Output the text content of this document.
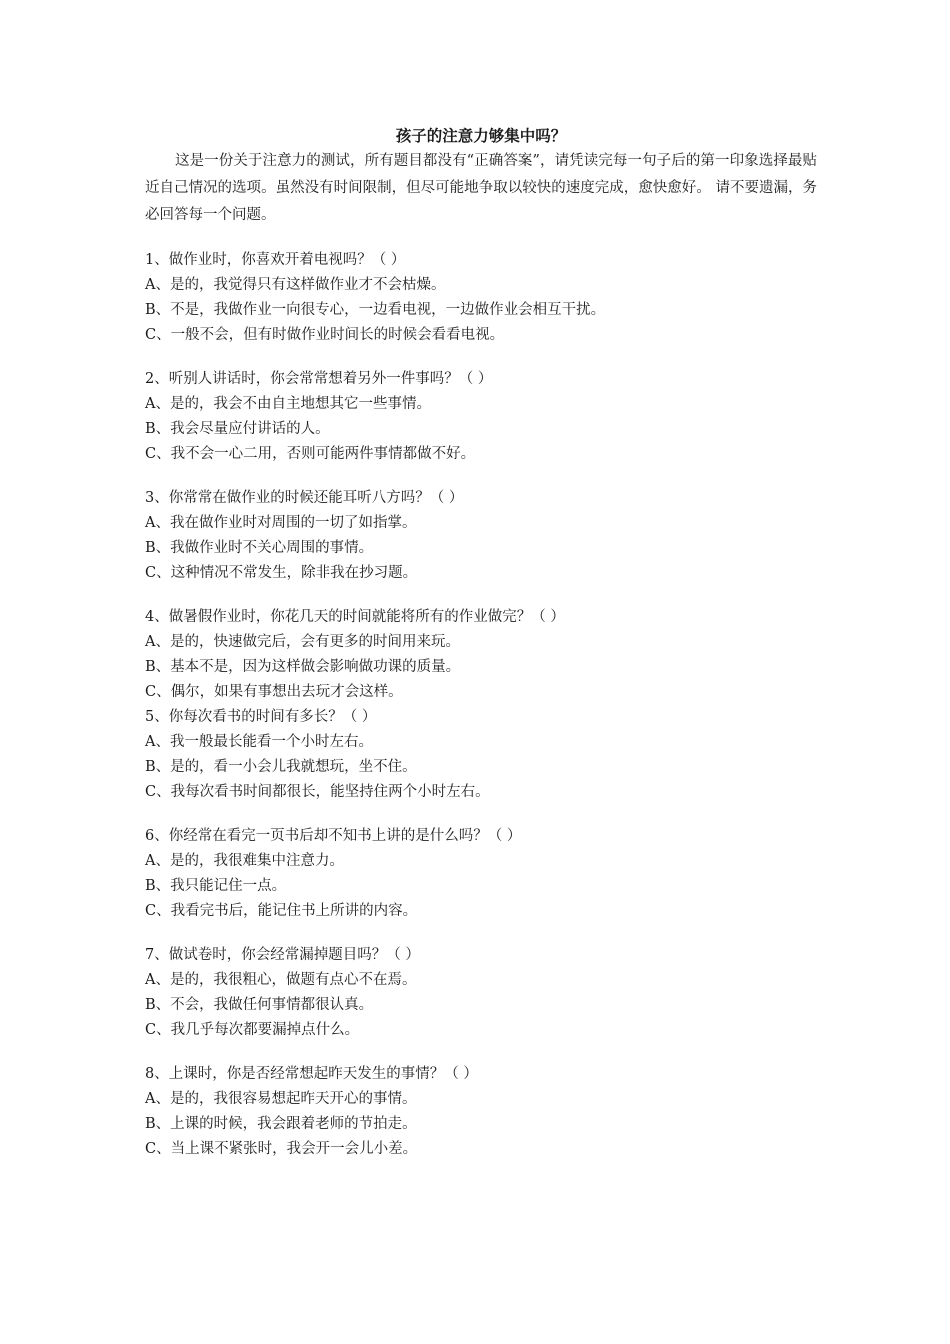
孩子的注意力够集中吗？

这是一份关于注意力的测试，所有题目都没有“正确答案”，请凭读完每一句子后的第一印象选择最贴近自己情况的选项。虽然没有时间限制，但尽可能地争取以较快的速度完成，愈快愈好。 请不要遗漏，务必回答每一个问题。

1、做作业时，你喜欢开着电视吗？（ ）
A、是的，我觉得只有这样做作业才不会枯燥。
B、不是，我做作业一向很专心，一边看电视，一边做作业会相互干扰。
C、一般不会，但有时做作业时间长的时候会看看电视。
2、听别人讲话时，你会常常想着另外一件事吗？（ ）
A、是的，我会不由自主地想其它一些事情。
B、我会尽量应付讲话的人。
C、我不会一心二用，否则可能两件事情都做不好。
3、你常常在做作业的时候还能耳听八方吗？（ ）
A、我在做作业时对周围的一切了如指掌。
B、我做作业时不关心周围的事情。
C、这种情况不常发生，除非我在抄习题。
4、做暑假作业时，你花几天的时间就能将所有的作业做完？（ ）
A、是的，快速做完后，会有更多的时间用来玩。
B、基本不是，因为这样做会影响做功课的质量。
C、偶尔，如果有事想出去玩才会这样。
5、你每次看书的时间有多长？（ ）
A、我一般最长能看一个小时左右。
B、是的，看一小会儿我就想玩，坐不住。
C、我每次看书时间都很长，能坚持住两个小时左右。
6、你经常在看完一页书后却不知书上讲的是什么吗？（ ）
A、是的，我很难集中注意力。
B、我只能记住一点。
C、我看完书后，能记住书上所讲的内容。
7、做试卷时，你会经常漏掉题目吗？（ ）
A、是的，我很粗心，做题有点心不在焉。
B、不会，我做任何事情都很认真。
C、我几乎每次都要漏掉点什么。
8、上课时，你是否经常想起昨天发生的事情？（ ）
A、是的，我很容易想起昨天开心的事情。
B、上课的时候，我会跟着老师的节拍走。
C、当上课不紧张时，我会开一会儿小差。
